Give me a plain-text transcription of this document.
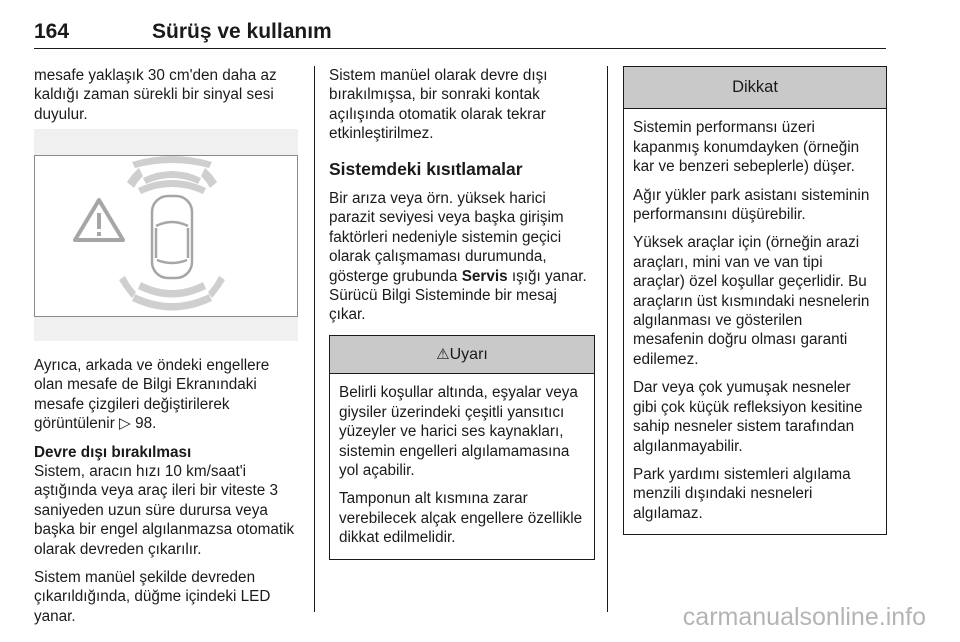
164	Sürüş ve kullanım

mesafe yaklaşık 30 cm'den daha az kaldığı zaman sürekli bir sinyal sesi duyulur.

Ayrıca, arkada ve öndeki engellere olan mesafe de Bilgi Ekranındaki mesafe çizgileri değiştirilerek görüntülenir ▷ 98.

Devre dışı bırakılması

Sistem, aracın hızı 10 km/saat'i aştığında veya araç ileri bir viteste 3 saniyeden uzun süre durursa veya başka bir engel algılanmazsa otomatik olarak devreden çıkarılır.

Sistem manüel şekilde devreden çıkarıldığında, düğme içindeki LED yanar.

Sistem manüel olarak devre dışı bırakılmışsa, bir sonraki kontak açılışında otomatik olarak tekrar etkinleştirilmez.

Sistemdeki kısıtlamalar

Bir arıza veya örn. yüksek harici parazit seviyesi veya başka girişim faktörleri nedeniyle sistemin geçici olarak çalışmaması durumunda, gösterge grubunda Servis ışığı yanar. Sürücü Bilgi Sisteminde bir mesaj çıkar.

⚠Uyarı

Belirli koşullar altında, eşyalar veya giysiler üzerindeki çeşitli yansıtıcı yüzeyler ve harici ses kaynakları, sistemin engelleri algılamamasına yol açabilir.

Tamponun alt kısmına zarar verebilecek alçak engellere özellikle dikkat edilmelidir.

Dikkat

Sistemin performansı üzeri kapanmış konumdayken (örneğin kar ve benzeri sebeplerle) düşer.

Ağır yükler park asistanı sisteminin performansını düşürebilir.

Yüksek araçlar için (örneğin arazi araçları, mini van ve van tipi araçlar) özel koşullar geçerlidir. Bu araçların üst kısmındaki nesnelerin algılanması ve gösterilen mesafenin doğru olması garanti edilemez.

Dar veya çok yumuşak nesneler gibi çok küçük refleksiyon kesitine sahip nesneler sistem tarafından algılanmayabilir.

Park yardımı sistemleri algılama menzili dışındaki nesneleri algılamaz.

carmanualsonline.info
